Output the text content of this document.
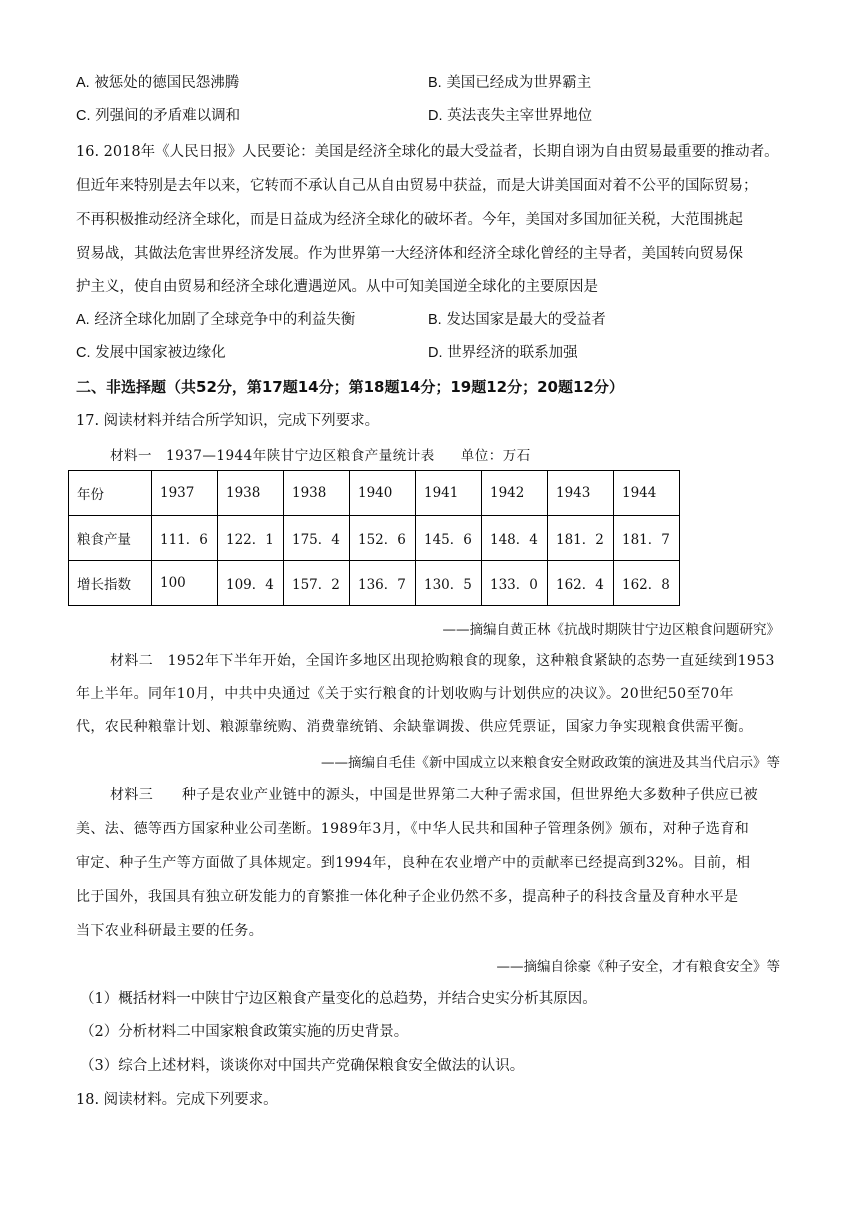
A. 被惩处的德国民怨沸腾	B. 美国已经成为世界霸主
C. 列强间的矛盾难以调和	D. 英法丧失主宰世界地位
16. 2018年《人民日报》人民要论：美国是经济全球化的最大受益者，长期自诩为自由贸易最重要的推动者。
但近年来特别是去年以来，它转而不承认自己从自由贸易中获益，而是大讲美国面对着不公平的国际贸易；
不再积极推动经济全球化，而是日益成为经济全球化的破坏者。今年，美国对多国加征关税，大范围挑起
贸易战，其做法危害世界经济发展。作为世界第一大经济体和经济全球化曾经的主导者，美国转向贸易保
护主义，使自由贸易和经济全球化遭遇逆风。从中可知美国逆全球化的主要原因是
A. 经济全球化加剧了全球竞争中的利益失衡	B. 发达国家是最大的受益者
C. 发展中国家被边缘化	D. 世界经济的联系加强
二、非选择题（共52分，第17题14分；第18题14分；19题12分；20题12分）
17. 阅读材料并结合所学知识，完成下列要求。
材料一　1937—1944年陕甘宁边区粮食产量统计表 单位：万石
年份	1937	1938	1938	1940	1941	1942	1943	1944
粮食产量	111．6	122．1	175．4	152．6	145．6	148．4	181．2	181．7
增长指数	100	109．4	157．2	136．7	130．5	133．0	162．4	162．8
——摘编自黄正林《抗战时期陕甘宁边区粮食问题研究》
材料二　1952年下半年开始，全国许多地区出现抢购粮食的现象，这种粮食紧缺的态势一直延续到1953
年上半年。同年10月，中共中央通过《关于实行粮食的计划收购与计划供应的决议》。20世纪50至70年
代，农民种粮靠计划、粮源靠统购、消费靠统销、余缺靠调拨、供应凭票证，国家力争实现粮食供需平衡。
——摘编自毛佳《新中国成立以来粮食安全财政政策的演进及其当代启示》等
材料三　　种子是农业产业链中的源头，中国是世界第二大种子需求国，但世界绝大多数种子供应已被
美、法、德等西方国家种业公司垄断。1989年3月，《中华人民共和国种子管理条例》颁布，对种子选育和
审定、种子生产等方面做了具体规定。到1994年，良种在农业增产中的贡献率已经提高到32%。目前，相
比于国外，我国具有独立研发能力的育繁推一体化种子企业仍然不多，提高种子的科技含量及育种水平是
当下农业科研最主要的任务。
——摘编自徐豪《种子安全，才有粮食安全》等
（1）概括材料一中陕甘宁边区粮食产量变化的总趋势，并结合史实分析其原因。
（2）分析材料二中国家粮食政策实施的历史背景。
（3）综合上述材料，谈谈你对中国共产党确保粮食安全做法的认识。
18. 阅读材料。完成下列要求。
